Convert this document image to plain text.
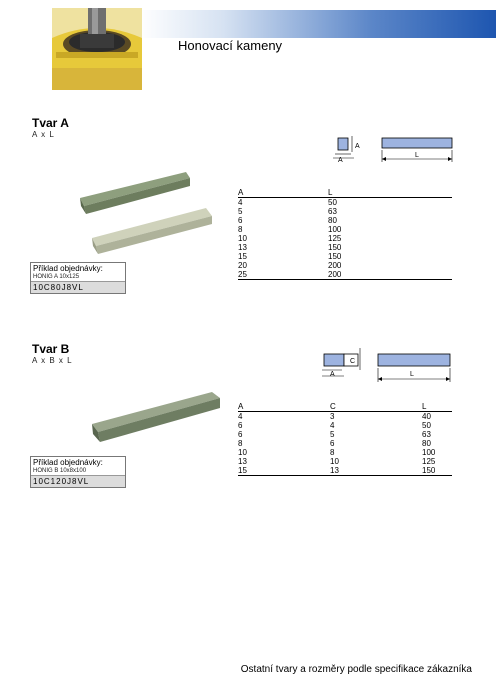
Honovací kameny
Tvar A
A x L
A
A
L
A	L
4	50
5	63
6	80
8	100
10	125
13	150
15	150
20	200
25	200
Příklad objednávky:
HONIG A 10x125
10C80J8VL
Tvar B
A x B x L	C
A	L
A	C	L
4	3	40
6	4	50
6	5	63
8	6	80
10	8	100
13	10	125
15	13	150
Příklad objednávky:
HONIG B 10x8x100
10C120J8VL
Ostatní tvary a rozměry podle specifikace zákazníka
